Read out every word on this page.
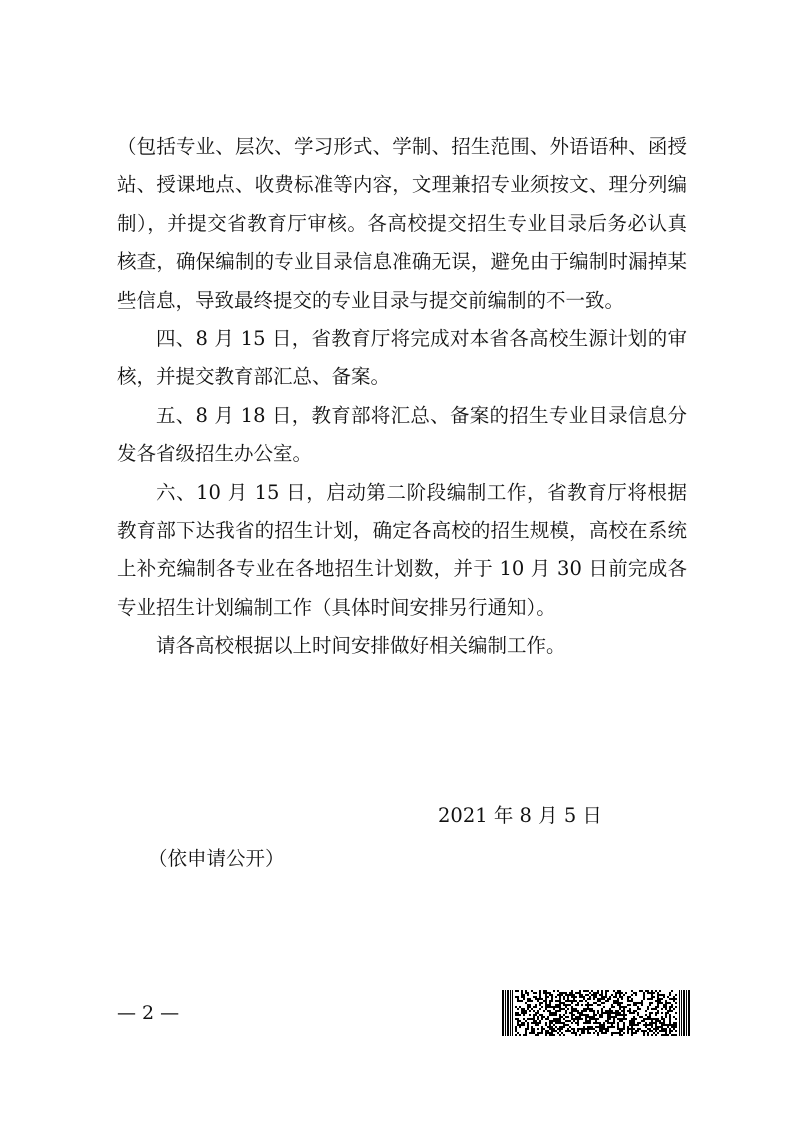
（包括专业、层次、学习形式、学制、招生范围、外语语种、函授站、授课地点、收费标准等内容，文理兼招专业须按文、理分列编制），并提交省教育厅审核。各高校提交招生专业目录后务必认真核查，确保编制的专业目录信息准确无误，避免由于编制时漏掉某些信息，导致最终提交的专业目录与提交前编制的不一致。

四、8 月 15 日，省教育厅将完成对本省各高校生源计划的审核，并提交教育部汇总、备案。

五、8 月 18 日，教育部将汇总、备案的招生专业目录信息分发各省级招生办公室。

六、10 月 15 日，启动第二阶段编制工作，省教育厅将根据教育部下达我省的招生计划，确定各高校的招生规模，高校在系统上补充编制各专业在各地招生计划数，并于 10 月 30 日前完成各专业招生计划编制工作（具体时间安排另行通知）。

请各高校根据以上时间安排做好相关编制工作。

2021 年 8 月 5 日
（依申请公开）
— 2 —
